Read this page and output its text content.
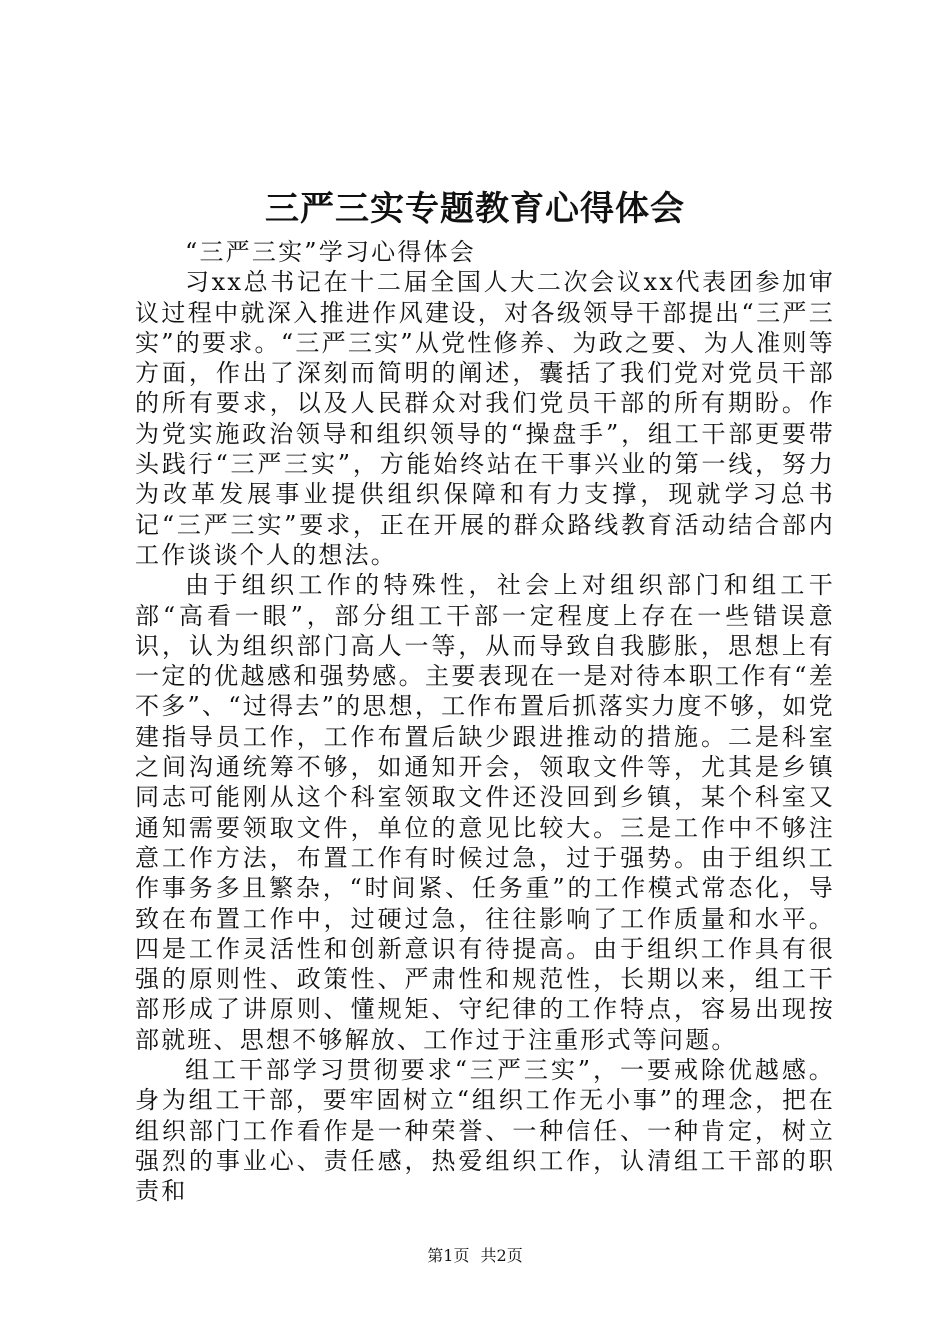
三严三实专题教育心得体会

“三严三实”学习心得体会

习xx总书记在十二届全国人大二次会议xx代表团参加审议过程中就深入推进作风建设，对各级领导干部提出“三严三实”的要求。“三严三实”从党性修养、为政之要、为人准则等方面，作出了深刻而简明的阐述，囊括了我们党对党员干部的所有要求，以及人民群众对我们党员干部的所有期盼。作为党实施政治领导和组织领导的“操盘手”，组工干部更要带头践行“三严三实”，方能始终站在干事兴业的第一线，努力为改革发展事业提供组织保障和有力支撑，现就学习总书记“三严三实”要求，正在开展的群众路线教育活动结合部内工作谈谈个人的想法。

由于组织工作的特殊性，社会上对组织部门和组工干部“高看一眼”，部分组工干部一定程度上存在一些错误意识，认为组织部门高人一等，从而导致自我膨胀，思想上有一定的优越感和强势感。主要表现在一是对待本职工作有“差不多”、“过得去”的思想，工作布置后抓落实力度不够，如党建指导员工作，工作布置后缺少跟进推动的措施。二是科室之间沟通统筹不够，如通知开会，领取文件等，尤其是乡镇同志可能刚从这个科室领取文件还没回到乡镇，某个科室又通知需要领取文件，单位的意见比较大。三是工作中不够注意工作方法，布置工作有时候过急，过于强势。由于组织工作事务多且繁杂，“时间紧、任务重”的工作模式常态化，导致在布置工作中，过硬过急，往往影响了工作质量和水平。四是工作灵活性和创新意识有待提高。由于组织工作具有很强的原则性、政策性、严肃性和规范性，长期以来，组工干部形成了讲原则、懂规矩、守纪律的工作特点，容易出现按部就班、思想不够解放、工作过于注重形式等问题。

组工干部学习贯彻要求“三严三实”，一要戒除优越感。身为组工干部，要牢固树立“组织工作无小事”的理念，把在组织部门工作看作是一种荣誉、一种信任、一种肯定，树立强烈的事业心、责任感，热爱组织工作，认清组工干部的职责和

第1页 共2页
